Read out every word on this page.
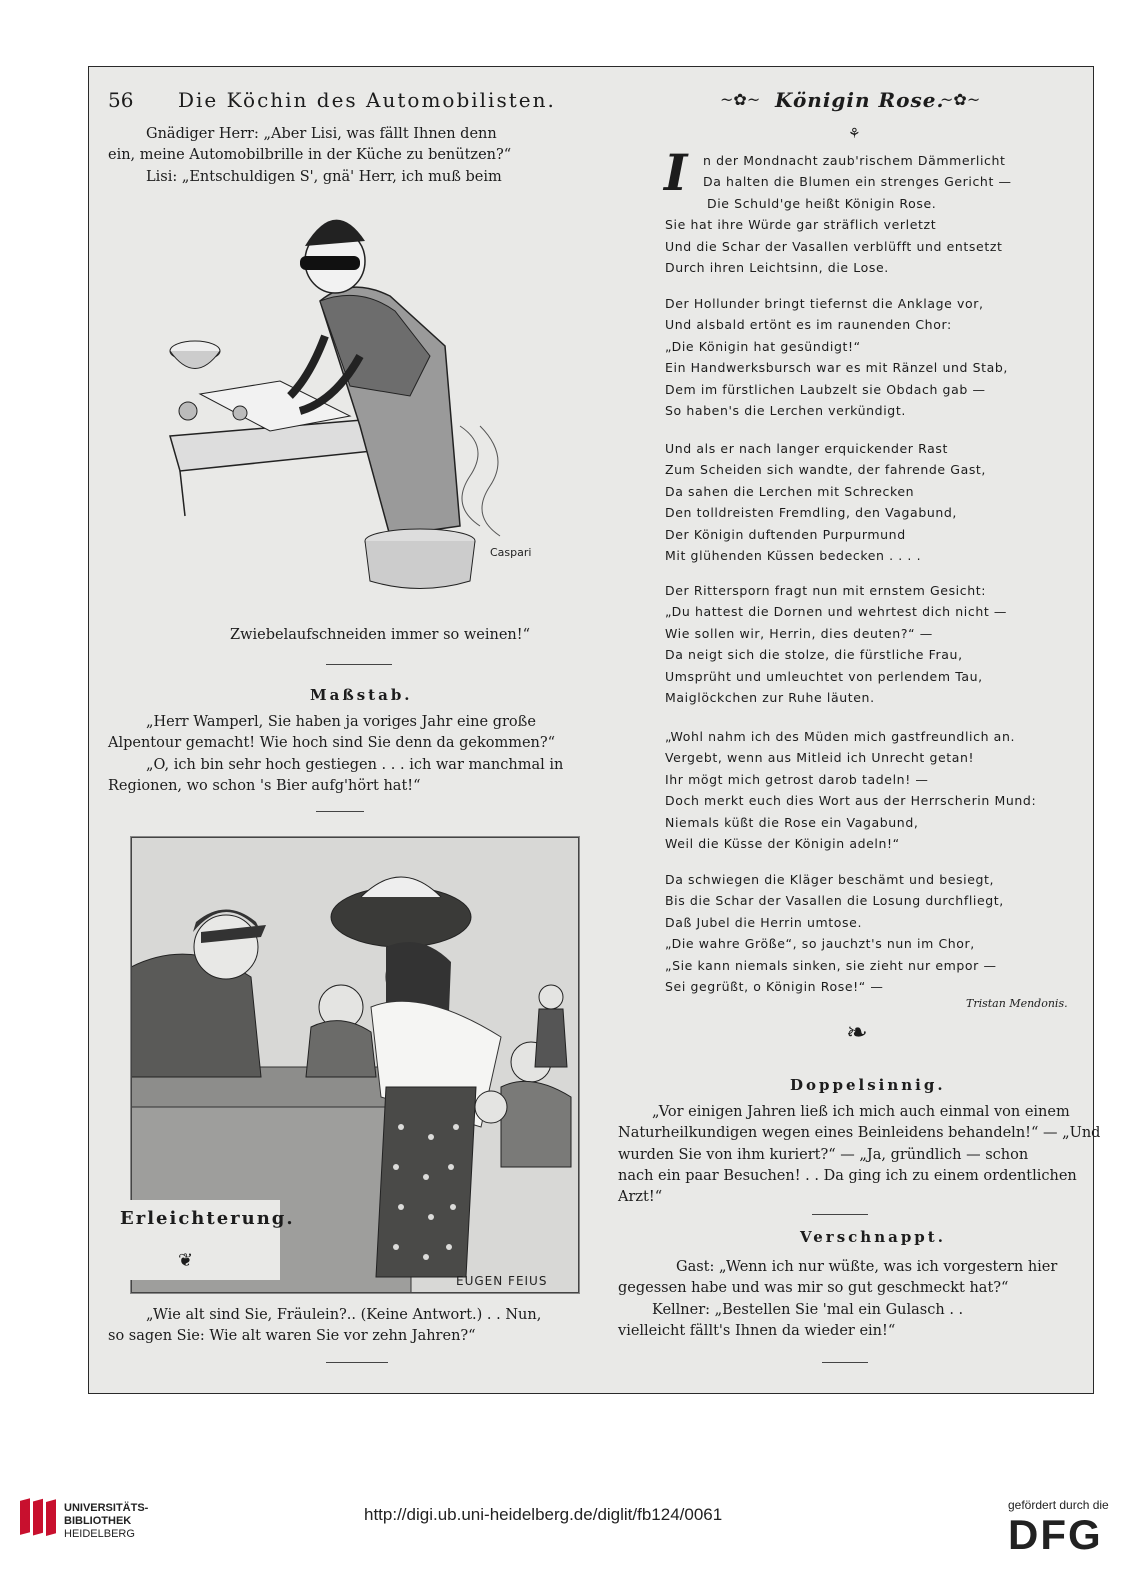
56 Die Köchin des Automobilisten.	~✿~ Königin Rose.
~✿~

Gnädiger Herr: „Aber Lisi, was fällt Ihnen denn

ein, meine Automobilbrille in der Küche zu benützen?“

Lisi: „Entschuldigen S', gnä' Herr, ich muß beim

Caspari
Zwiebelaufschneiden immer so weinen!“
Maßstab.

„Herr Wamperl, Sie haben ja voriges Jahr eine große

Alpentour gemacht! Wie hoch sind Sie denn da gekommen?“

„O, ich bin sehr hoch gestiegen . . . ich war manchmal in

Regionen, wo schon 's Bier aufg'hört hat!“

EUGEN FEIUS
Erleichterung.
❦

„Wie alt sind Sie, Fräulein?.. (Keine Antwort.) . . Nun,

so sagen Sie: Wie alt waren Sie vor zehn Jahren?“

⚘
I	n der Mondnacht zaub'rischem Dämmerlicht

Da halten die Blumen ein strenges Gericht —

Die Schuld'ge heißt Königin Rose.

Sie hat ihre Würde gar sträflich verletzt

Und die Schar der Vasallen verblüfft und entsetzt

Durch ihren Leichtsinn, die Lose.

Der Hollunder bringt tiefernst die Anklage vor,

Und alsbald ertönt es im raunenden Chor:

„Die Königin hat gesündigt!“

Ein Handwerksbursch war es mit Ränzel und Stab,

Dem im fürstlichen Laubzelt sie Obdach gab —

So haben's die Lerchen verkündigt.

Und als er nach langer erquickender Rast

Zum Scheiden sich wandte, der fahrende Gast,

Da sahen die Lerchen mit Schrecken

Den tolldreisten Fremdling, den Vagabund,

Der Königin duftenden Purpurmund

Mit glühenden Küssen bedecken . . . .

Der Rittersporn fragt nun mit ernstem Gesicht:

„Du hattest die Dornen und wehrtest dich nicht —

Wie sollen wir, Herrin, dies deuten?“ —

Da neigt sich die stolze, die fürstliche Frau,

Umsprüht und umleuchtet von perlendem Tau,

Maiglöckchen zur Ruhe läuten.

„Wohl nahm ich des Müden mich gastfreundlich an.

Vergebt, wenn aus Mitleid ich Unrecht getan!

Ihr mögt mich getrost darob tadeln! —

Doch merkt euch dies Wort aus der Herrscherin Mund:

Niemals küßt die Rose ein Vagabund,

Weil die Küsse der Königin adeln!“

Da schwiegen die Kläger beschämt und besiegt,

Bis die Schar der Vasallen die Losung durchfliegt,

Daß Jubel die Herrin umtose.

„Die wahre Größe“, so jauchzt's nun im Chor,

„Sie kann niemals sinken, sie zieht nur empor —

Sei gegrüßt, o Königin Rose!“ —

Tristan Mendonis.
❧
Doppelsinnig.

„Vor einigen Jahren ließ ich mich auch einmal von einem

Naturheilkundigen wegen eines Beinleidens behandeln!“ — „Und

wurden Sie von ihm kuriert?“ — „Ja, gründlich — schon

nach ein paar Besuchen! . . Da ging ich zu einem ordentlichen

Arzt!“

Verschnappt.

Gast: „Wenn ich nur wüßte, was ich vorgestern hier

gegessen habe und was mir so gut geschmeckt hat?“

Kellner: „Bestellen Sie 'mal ein Gulasch . .

vielleicht fällt's Ihnen da wieder ein!“

UNIVERSITÄTS-
BIBLIOTHEK
HEIDELBERG
http://digi.ub.uni-heidelberg.de/diglit/fb124/0061	gefördert durch die
DFG
